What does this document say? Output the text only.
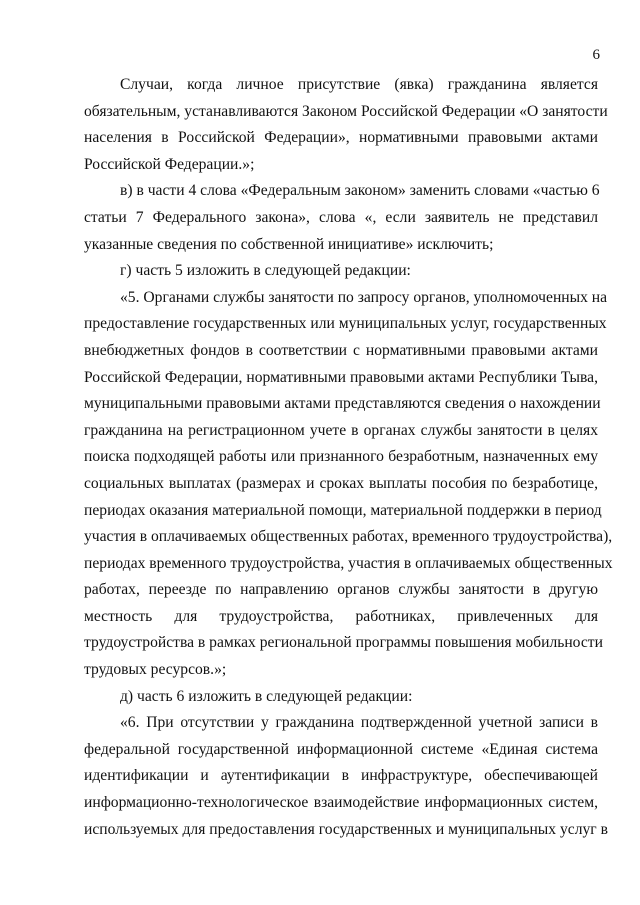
6
Случаи, когда личное присутствие (явка) гражданина является
обязательным, устанавливаются Законом Российской Федерации «О занятости
населения в Российской Федерации», нормативными правовыми актами
Российской Федерации.»;
в) в части 4 слова «Федеральным законом» заменить словами «частью 6
статьи 7 Федерального закона», слова «, если заявитель не представил
указанные сведения по собственной инициативе» исключить;
г) часть 5 изложить в следующей редакции:
«5. Органами службы занятости по запросу органов, уполномоченных на
предоставление государственных или муниципальных услуг, государственных
внебюджетных фондов в соответствии с нормативными правовыми актами
Российской Федерации, нормативными правовыми актами Республики Тыва,
муниципальными правовыми актами представляются сведения о нахождении
гражданина на регистрационном учете в органах службы занятости в целях
поиска подходящей работы или признанного безработным, назначенных ему
социальных выплатах (размерах и сроках выплаты пособия по безработице,
периодах оказания материальной помощи, материальной поддержки в период
участия в оплачиваемых общественных работах, временного трудоустройства),
периодах временного трудоустройства, участия в оплачиваемых общественных
работах, переезде по направлению органов службы занятости в другую
местность для трудоустройства, работниках, привлеченных для
трудоустройства в рамках региональной программы повышения мобильности
трудовых ресурсов.»;
д) часть 6 изложить в следующей редакции:
«6. При отсутствии у гражданина подтвержденной учетной записи в
федеральной государственной информационной системе «Единая система
идентификации и аутентификации в инфраструктуре, обеспечивающей
информационно-технологическое взаимодействие информационных систем,
используемых для предоставления государственных и муниципальных услуг в
